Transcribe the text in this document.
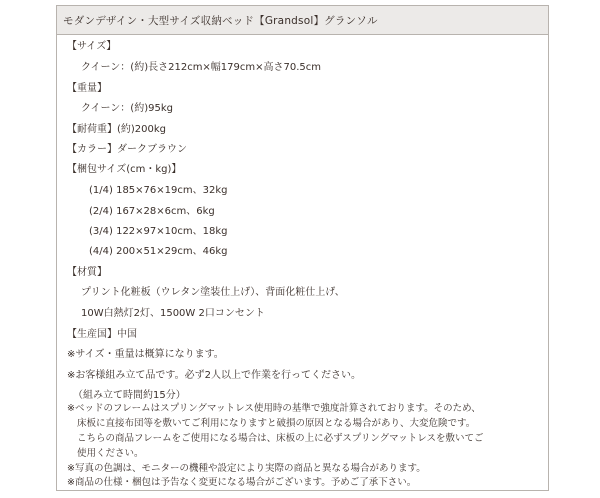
モダンデザイン・大型サイズ収納ベッド【Grandsol】グランソル
【サイズ】
クイーン：(約)長さ212cm×幅179cm×高さ70.5cm
【重量】
クイーン：(約)95kg
【耐荷重】(約)200kg
【カラー】ダークブラウン
【梱包サイズ(cm・kg)】
(1/4) 185×76×19cm、32kg
(2/4) 167×28×6cm、6kg
(3/4) 122×97×10cm、18kg
(4/4) 200×51×29cm、46kg
【材質】
プリント化粧板（ウレタン塗装仕上げ）、背面化粧仕上げ、
10W白熱灯2灯、1500W 2口コンセント
【生産国】中国
※サイズ・重量は概算になります。
※お客様組み立て品です。必ず2人以上で作業を行ってください。
（組み立て時間約15分）
※ベッドのフレームはスプリングマットレス使用時の基準で強度計算されております。そのため、
床板に直接布団等を敷いてご利用になりますと破損の原因となる場合があり、大変危険です。
こちらの商品フレームをご使用になる場合は、床板の上に必ずスプリングマットレスを敷いてご
使用ください。
※写真の色調は、モニターの機種や設定により実際の商品と異なる場合があります。
※商品の仕様・梱包は予告なく変更になる場合がございます。予めご了承下さい。
